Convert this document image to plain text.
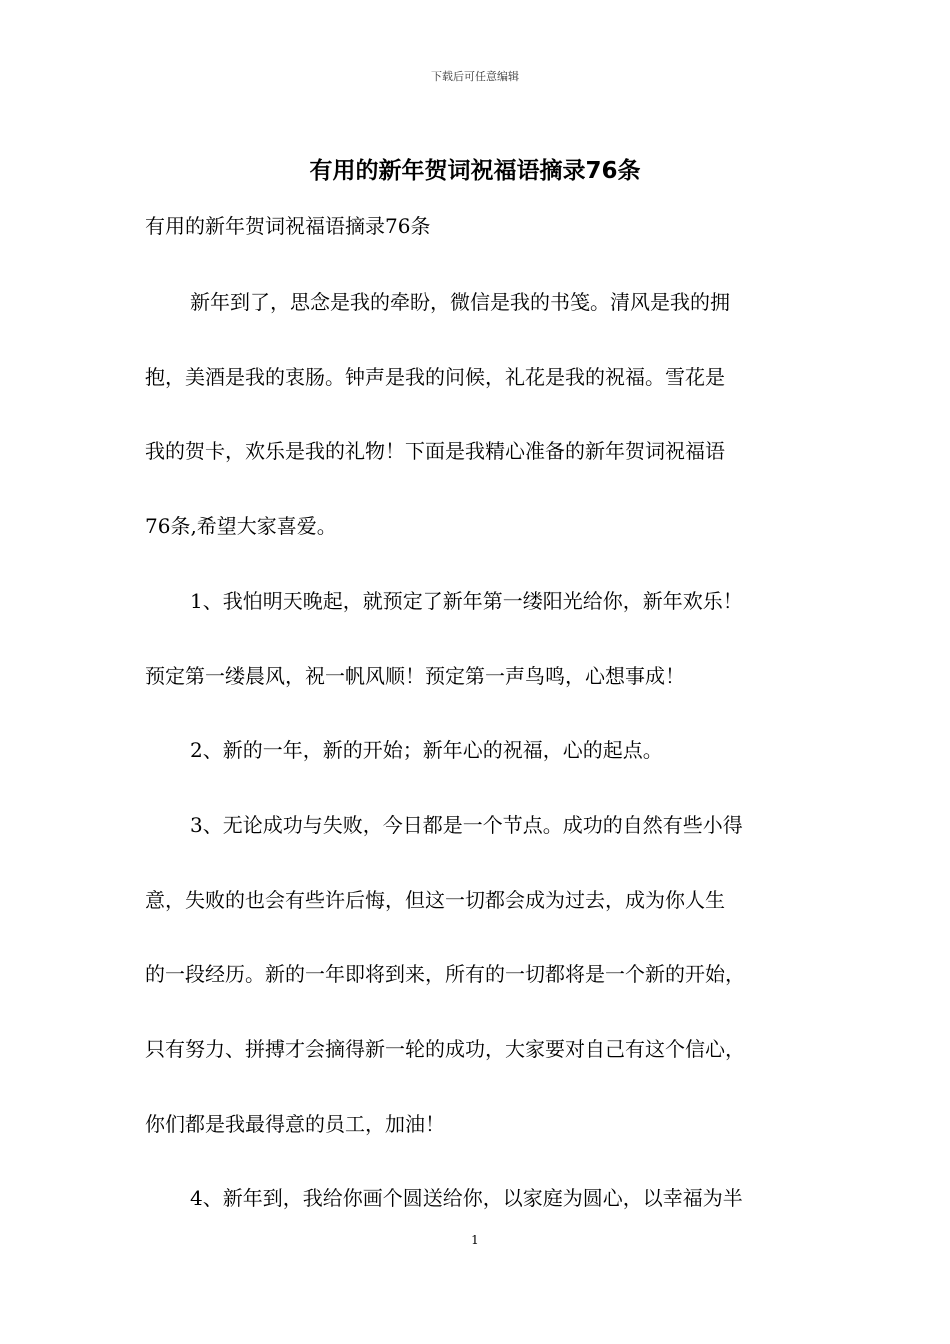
下载后可任意编辑
有用的新年贺词祝福语摘录76条
有用的新年贺词祝福语摘录76条
新年到了，思念是我的牵盼，微信是我的书笺。清风是我的拥
抱，美酒是我的衷肠。钟声是我的问候，礼花是我的祝福。雪花是
我的贺卡，欢乐是我的礼物！下面是我精心准备的新年贺词祝福语
76条,希望大家喜爱。
1、我怕明天晚起，就预定了新年第一缕阳光给你，新年欢乐！
预定第一缕晨风，祝一帆风顺！预定第一声鸟鸣，心想事成！
2、新的一年，新的开始；新年心的祝福，心的起点。
3、无论成功与失败，今日都是一个节点。成功的自然有些小得
意，失败的也会有些许后悔，但这一切都会成为过去，成为你人生
的一段经历。新的一年即将到来，所有的一切都将是一个新的开始，
只有努力、拼搏才会摘得新一轮的成功，大家要对自己有这个信心，
你们都是我最得意的员工，加油！
4、新年到，我给你画个圆送给你，以家庭为圆心，以幸福为半
1
